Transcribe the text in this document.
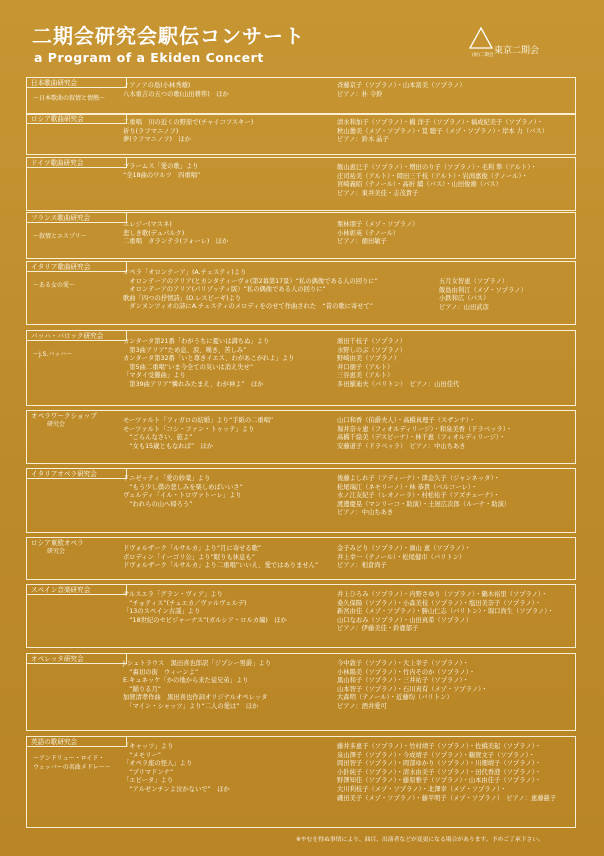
二期会研究会駅伝コンサート
a Program of a Ekiden Concert	(財)二期会 東京二期会
日本歌曲研究会
〜日本歌曲の叙情と情熱〜
ノアノアの島(小林秀雄)
八木重吉の五つの歌(山田耕筰)　ほか
斉藤京子（ソプラノ）・山本富美（ソプラノ）
ピアノ：朴 令鈴
ロシア歌曲研究会	二重唱　川の近くの野原で(チャイコフスキー)
祈り(ラフマニノフ)
夢(ラフマニノフ)　ほか
清水和加子（ソプラノ）・橋 洋子（ソプラノ）・福成紀美子（ソプラノ）・
秋山曇美（メゾ・ソプラノ）・筧 聴子（メゾ・ソプラノ）・岸本 力（バス）
ピアノ：鈴木 晶子
ドイツ歌曲研究会	ブラームス「愛の歌」より
“全18曲のワルツ　四重唱”
飯山恵巳子（ソプラノ）・増田のり子（ソプラノ）・毛利 準（アルト）・
庄司祐美（アルト）・岡田三千枝（アルト）・岩渕嘉俊（テノール）・
宮崎義昭（テノール）・高折 續（バス）・山田俊雄（バス）
ピアノ：東井美佳・志茂貴子
フランス歌曲研究会
〜叙情とエスプリ〜
エレジー(マスネ)
悲しき歌(デュパルク)
二重唱　タランテラ(フォーレ)　ほか
栗林朋子（メゾ・ソプラノ）
小林彰英（テノール）
ピアノ：徳田敏子
イタリア歌曲研究会
〜ある女の愛〜
オペラ「オロンテーア」(A.チェスティ)より
　オロンテーアのアリア(とカンタティーヴォ(第2幕第17景）“私の偶像である人の回りに”
　オロンテーアのアリア(パリゾッティ版）“私の偶像である人の回りに”
歌曲「四つの抒情詩」(O.レスピーギ)より
　ダンヌンツィオの詩にA.チェスティのメロディをのせて作曲された　“昔の歌に寄せて”
五月女智恵（ソプラノ）
飯島由利江（メゾ・ソプラノ）
小鉄和広（バス）
ピアノ：山田武彦
バッハ・バロック研究会
〜J.S.バッハ〜
カンタータ第21番「わがうちに憂いは満ちぬ」より
　第3曲アリア“ため息、涙、嘆き、苦しみ”
カンタータ第32番「いと尊きイエス、わがあこがれよ」より
　第5曲二重唱“いま今全ての災いは消え失せ”
「マタイ受難曲」より
　第39曲アリア“憐れみたまえ、わが神よ”　ほか
濱田千枝子（ソプラノ）
水野しのぶ（ソプラノ）
野崎由美（ソプラノ）
井口徳子（アルト）
三谷恵美（アルト）
多田羅迪夫（バリトン）　ピアノ：山田佳代
オペラワークショップ
研究会
モーツァルト「フィガロの結婚」より“手紙の二重唱”
モーツァルト「コシ・ファン・トゥッテ」より
　“ごらんなさい、旅よ”
　“女も15歳ともなれば”　ほか
山口和香（伯爵夫人）・高橋真理子（スザンナ）・
堀井奈々恵（フィオルディリージ）・和泉美香（ドラベッラ）・
高橋千絵美（デスピーナ）・林千恵（フィオルディリージ）・
安藤道子（ドラベッラ）　ピアノ：中山ちあき
イタリアオペラ研究会
ドニゼッティ「愛の妙薬」より
　“もう少し僕の悲しみを楽しめばいいさ”
ヴェルディ「イル・トロヴァトーレ」より
　“われらの山へ帰ろう”
後藤よしれ子（アディーナ）・津金久子（ジャンネッタ）・
松尾瑞江（ネモリーノ）・林 恭貴（ベルコーレ）・
水ノ江友紀子（レオノーラ）・村松祐子（アズチェーナ）・
渡邊慶晃（マンリーコ・助演）・土屋広次郎（ルーナ・助演）
ピアノ：中山ちあき
ロシア東欧オペラ
研究会	ドヴォルザーク「ルサルカ」より“月に寄せる歌”
ボロディン「イーゴリ公」より“眠りも休息も”
ドヴォルザーク「ルサルカ」より二重唱“いいえ、愛ではありません”
金子みどり（ソプラノ）・濱山 恵（ソプラノ）・
井上幸一（テノール）・松尾健市（バリトン）
ピアノ：相倉尚子
スペイン音楽研究会
サルスエラ「グラン・ヴィア」より
　“チョティス”(チュエカ／ヴァルヴェルデ)
「13のスペイン古謡」より
　“18世紀のセビジャーナス”(ガルシア・ロルカ編)　ほか
井上ひろみ（ソプラノ）・内野さゆり（ソプラノ）・鶴木裕里（ソプラノ）・
桑久保陽（ソプラノ）・小森美枝（ソプラノ）・塩田美奈子（ソプラノ）・
新宮由佳（メゾ・ソプラノ）・勝山仁志（バリトン）・堀口尚生（ソプラノ）・
山口なおみ（ソプラノ）・山田真希（ソプラノ）
ピアノ：伊藤美佳・鈴鹿郁子
オペレッタ研究会
J.シュトラウス　黒田喜也郎訳「ジプシー男爵」より
　“裏切の街　ウィーンよ”
E.キュネッケ「かの地から来た従兄弟」より
　“踊りる月”
加賀清孝作曲　黒田喜也作詞オリジナルオペレッタ
　「マイン・シャッツ」より“二人の愛は”　ほか
今中敦子（ソプラノ）・大上幸子（ソプラノ）・
小林陽美（ソプラノ）・竹内そのか（ソプラノ）・
黒山和子（ソプラノ）・三井祐子（ソプラノ）・
山本智子（ソプラノ）・石川真有（メゾ・ソプラノ）・
大森明（テノール）・近藤均（バリトン）
ピアノ：酒井愛可
英語の歌研究会
〜アンドリュー・ロイド・
ウェッバーの名曲メドレー〜
「キャッツ」より
　“メモリー”
「オペラ座の怪人」より
　“プリマドンナ”
「エビータ」より
　“アルゼンチンよ泣かないで”　ほか
藤井多恵子（ソプラノ）・竹村靖子（ソプラノ）・佐橋美起（ソプラノ）・
泉山澤子（ソプラノ）・今成靖子（ソプラノ）・鶴賀文子（ソプラノ）・
岡田智子（ソプラノ）・岡部ゆかり（ソプラノ）・川畑靖子（ソプラノ）・
小針純子（ソプラノ）・清水由美子（ソプラノ）・田代香澄（ソプラノ）・
野澤知佳（ソプラノ）・藤原雅子（ソプラノ）・山本由佳子（ソプラノ）・
大川利枝子（メゾ・ソプラノ）・北澤幸（メゾ・ソプラノ）・
磯田美子（メゾ・ソプラノ）・藤平明子（メゾ・ソプラノ）　ピアノ：恵藤慈子
※やむを得ぬ事情により、曲目、出演者などが変更になる場合があります。予めご了承下さい。
